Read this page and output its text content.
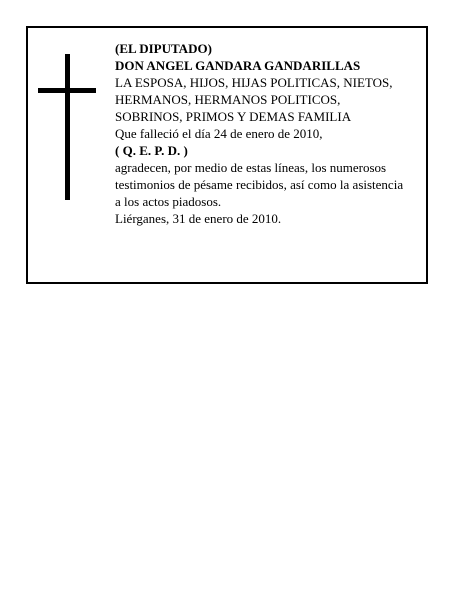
(EL DIPUTADO)
DON ANGEL GANDARA GANDARILLAS
LA ESPOSA, HIJOS, HIJAS POLITICAS, NIETOS,
HERMANOS, HERMANOS POLITICOS,
SOBRINOS, PRIMOS Y DEMAS FAMILIA
Que falleció el día 24 de enero de 2010,
( Q. E. P. D. )
agradecen, por medio de estas líneas, los numerosos
testimonios de pésame recibidos, así como la asistencia
a los actos piadosos.
Liérganes, 31 de enero de 2010.
